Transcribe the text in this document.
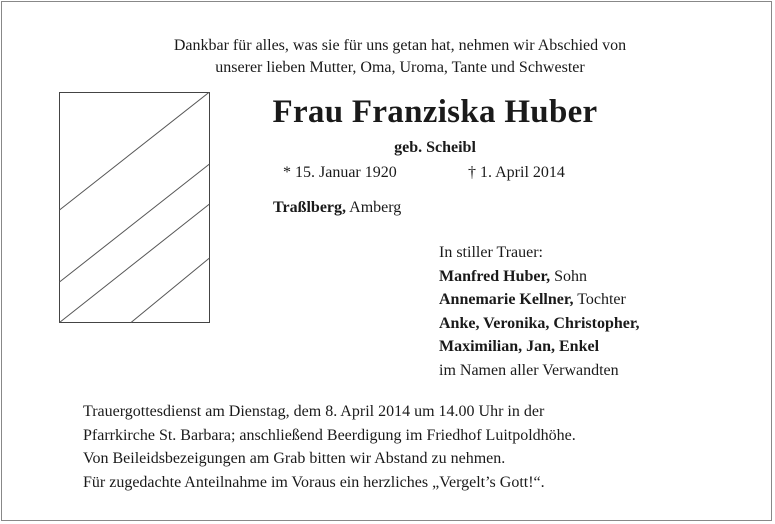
Dankbar für alles, was sie für uns getan hat, nehmen wir Abschied von
unserer lieben Mutter, Oma, Uroma, Tante und Schwester
Frau Franziska Huber
geb. Scheibl
* 15. Januar 1920	† 1. April 2014
Traßlberg, Amberg
In stiller Trauer:
Manfred Huber, Sohn
Annemarie Kellner, Tochter
Anke, Veronika, Christopher,
Maximilian, Jan, Enkel
im Namen aller Verwandten
Trauergottesdienst am Dienstag, dem 8. April 2014 um 14.00 Uhr in der
Pfarrkirche St. Barbara; anschließend Beerdigung im Friedhof Luitpoldhöhe.
Von Beileidsbezeigungen am Grab bitten wir Abstand zu nehmen.
Für zugedachte Anteilnahme im Voraus ein herzliches „Vergelt’s Gott!“.
